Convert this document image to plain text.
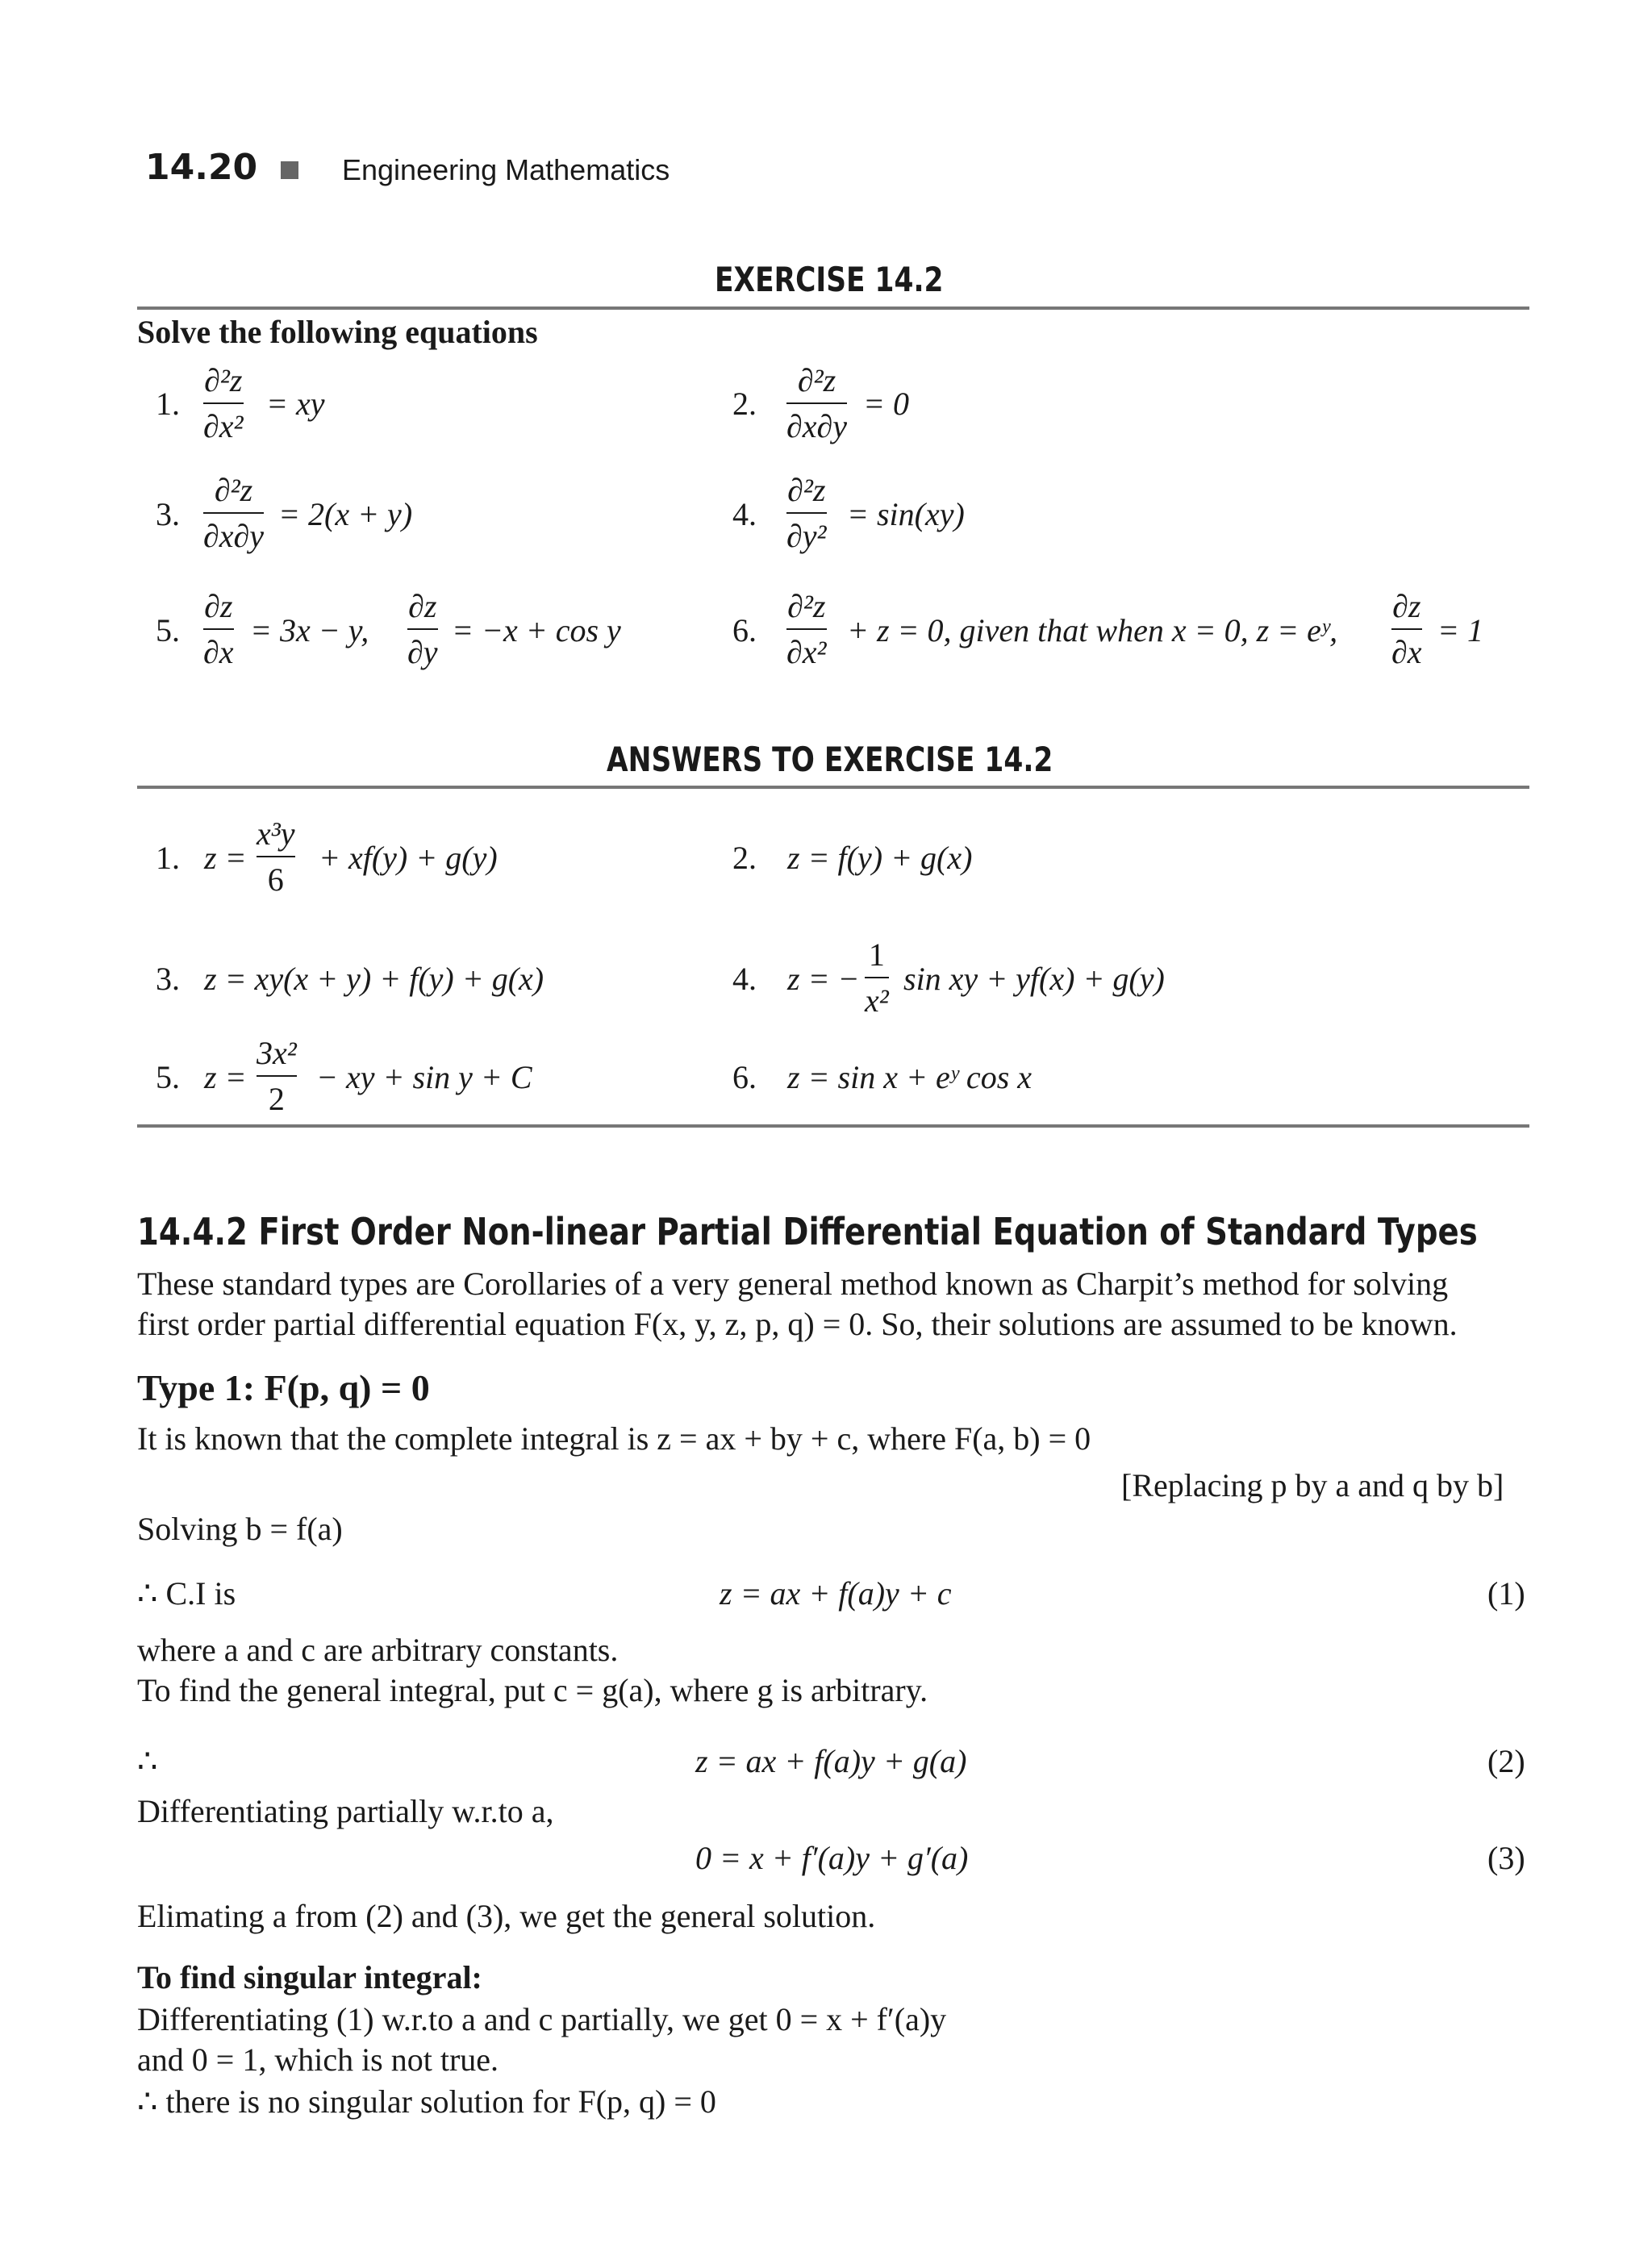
14.20	Engineering Mathematics
EXERCISE 14.2
Solve the following equations
1.
∂²z
∂x²
= xy	2.
∂²z
∂x∂y
= 0
3.
∂²z
∂x∂y
= 2(x + y)	4.
∂²z
∂y²
= sin(xy)
5.
∂z
∂x
= 3x − y,
∂z
∂y
= −x + cos y	6.
∂²z
∂x²
+ z = 0, given that when x = 0, z = eʸ,
∂z
∂x
= 1
ANSWERS TO EXERCISE 14.2
1. z =
x³y
6
+ xf(y) + g(y)	2. z = f(y) + g(x)
3. z = xy(x + y) + f(y) + g(x)	4. z = −
1
x²
sin xy + yf(x) + g(y)
5. z =
3x²
2
− xy + sin y + C	6. z = sin x + eʸ cos x
14.4.2 First Order Non-linear Partial Differential Equation of Standard Types
These standard types are Corollaries of a very general method known as Charpit’s method for solving
first order partial differential equation F(x, y, z, p, q) = 0. So, their solutions are assumed to be known.
Type 1: F(p, q) = 0
It is known that the complete integral is z = ax + by + c, where F(a, b) = 0
[Replacing p by a and q by b]
Solving b = f(a)
∴ C.I is	z = ax + f(a)y + c	(1)
where a and c are arbitrary constants.
To find the general integral, put c = g(a), where g is arbitrary.
∴	z = ax + f(a)y + g(a)	(2)
Differentiating partially w.r.to a,
0 = x + f′(a)y + g′(a)	(3)
Elimating a from (2) and (3), we get the general solution.
To find singular integral:
Differentiating (1) w.r.to a and c partially, we get 0 = x + f′(a)y
and 0 = 1, which is not true.
∴ there is no singular solution for F(p, q) = 0
